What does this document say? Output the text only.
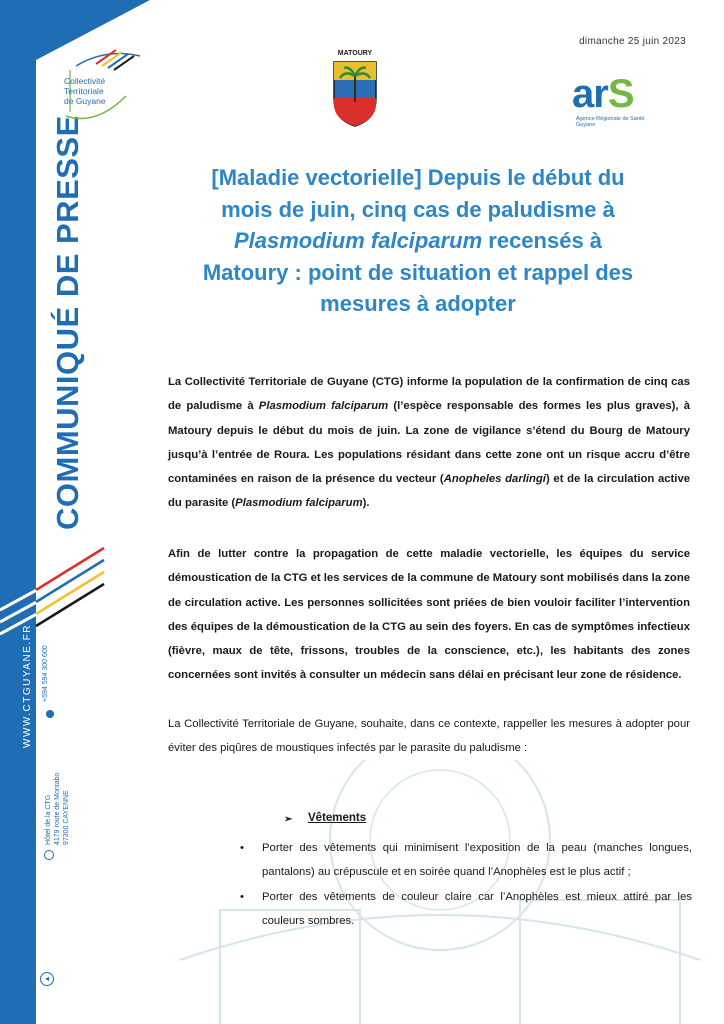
COMMUNIQUÉ DE PRESSE
WWW.CTGUYANE.FR +594 594 300 600
Hôtel de la CTG 4179 route de Montabo 97300 CAYENNE
◂
dimanche 25 juin 2023
Collectivité
Territoriale
de Guyane
MATOURY
arS
Agence Régionale de Santé
Guyane
[Maladie vectorielle] Depuis le début du
mois de juin, cinq cas de paludisme à
Plasmodium falciparum recensés à
Matoury : point de situation et rappel des
mesures à adopter
La Collectivité Territoriale de Guyane (CTG) informe la population de la confirmation de cinq cas de paludisme à Plasmodium falciparum (l’espèce responsable des formes les plus graves), à Matoury depuis le début du mois de juin. La zone de vigilance s’étend du Bourg de Matoury jusqu’à l’entrée de Roura. Les populations résidant dans cette zone ont un risque accru d’être contaminées en raison de la présence du vecteur (Anopheles darlingi) et de la circulation active du parasite (Plasmodium falciparum).
Afin de lutter contre la propagation de cette maladie vectorielle, les équipes du service démoustication de la CTG et les services de la commune de Matoury sont mobilisés dans la zone de circulation active. Les personnes sollicitées sont priées de bien vouloir faciliter l’intervention des équipes de la démoustication de la CTG au sein des foyers. En cas de symptômes infectieux (fièvre, maux de tête, frissons, troubles de la conscience, etc.), les habitants des zones concernées sont invités à consulter un médecin sans délai en précisant leur zone de résidence.
La Collectivité Territoriale de Guyane, souhaite, dans ce contexte, rappeller les mesures à adopter pour éviter des piqûres de moustiques infectés par le parasite du paludisme :
➢ Vêtements
• Porter des vêtements qui minimisent l'exposition de la peau (manches longues, pantalons) au crépuscule et en soirée quand l’Anophèles est le plus actif ;
• Porter des vêtements de couleur claire car l’Anophèles est mieux attiré par les couleurs sombres.
